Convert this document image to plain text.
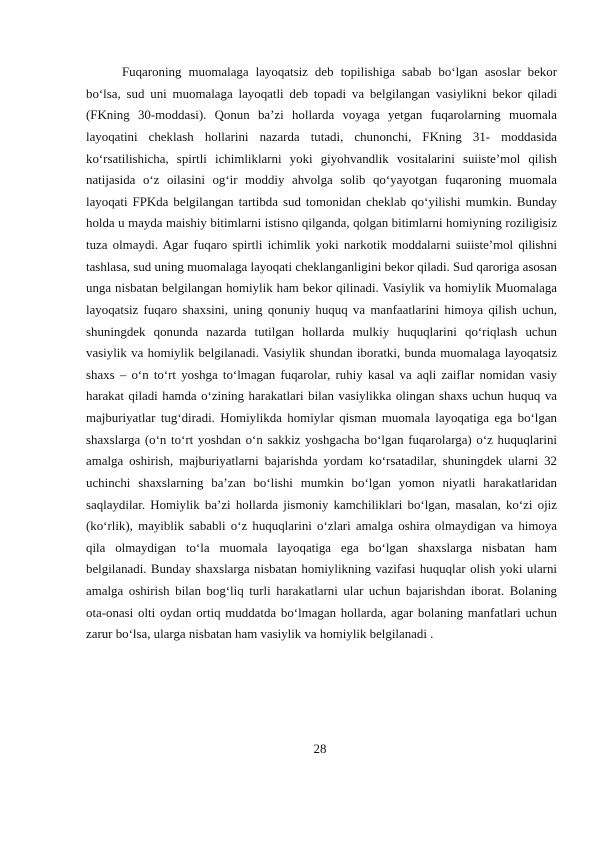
Fuqaroning muomalaga layoqatsiz deb topilishiga sabab bo‘lgan asoslar bekor bo‘lsa, sud uni muomalaga layoqatli deb topadi va belgilangan vasiylikni bekor qiladi (FKning 30-moddasi). Qonun ba’zi hollarda voyaga yetgan fuqarolarning muomala layoqatini cheklash hollarini nazarda tutadi, chunonchi, FKning 31- moddasida ko‘rsatilishicha, spirtli ichimliklarni yoki giyohvandlik vositalarini suiiste’mol qilish natijasida o‘z oilasini og‘ir moddiy ahvolga solib qo‘yayotgan fuqaroning muomala layoqati FPKda belgilangan tartibda sud tomonidan cheklab qo‘yilishi mumkin. Bunday holda u mayda maishiy bitimlarni istisno qilganda, qolgan bitimlarni homiyning roziligisiz tuza olmaydi. Agar fuqaro spirtli ichimlik yoki narkotik moddalarni suiiste’mol qilishni tashlasa, sud uning muomalaga layoqati cheklanganligini bekor qiladi. Sud qaroriga asosan unga nisbatan belgilangan homiylik ham bekor qilinadi. Vasiylik va homiylik Muomalaga layoqatsiz fuqaro shaxsini, uning qonuniy huquq va manfaatlarini himoya qilish uchun, shuningdek qonunda nazarda tutilgan hollarda mulkiy huquqlarini qo‘riqlash uchun vasiylik va homiylik belgilanadi. Vasiylik shundan iboratki, bunda muomalaga layoqatsiz shaxs – o‘n to‘rt yoshga to‘lmagan fuqarolar, ruhiy kasal va aqli zaiflar nomidan vasiy harakat qiladi hamda o‘zining harakatlari bilan vasiylikka olingan shaxs uchun huquq va majburiyatlar tug‘diradi. Homiylikda homiylar qisman muomala layoqatiga ega bo‘lgan shaxslarga (o‘n to‘rt yoshdan o‘n sakkiz yoshgacha bo‘lgan fuqarolarga) o‘z huquqlarini amalga oshirish, majburiyatlarni bajarishda yordam ko‘rsatadilar, shuningdek ularni 32 uchinchi shaxslarning ba’zan bo‘lishi mumkin bo‘lgan yomon niyatli harakatlaridan saqlaydilar. Homiylik ba’zi hollarda jismoniy kamchiliklari bo‘lgan, masalan, ko‘zi ojiz (ko‘rlik), mayiblik sababli o‘z huquqlarini o‘zlari amalga oshira olmaydigan va himoya qila olmaydigan to‘la muomala layoqatiga ega bo‘lgan shaxslarga nisbatan ham belgilanadi. Bunday shaxslarga nisbatan homiylikning vazifasi huquqlar olish yoki ularni amalga oshirish bilan bog‘liq turli harakatlarni ular uchun bajarishdan iborat. Bolaning ota-onasi olti oydan ortiq muddatda bo‘lmagan hollarda, agar bolaning manfatlari uchun zarur bo‘lsa, ularga nisbatan ham vasiylik va homiylik belgilanadi .

28
